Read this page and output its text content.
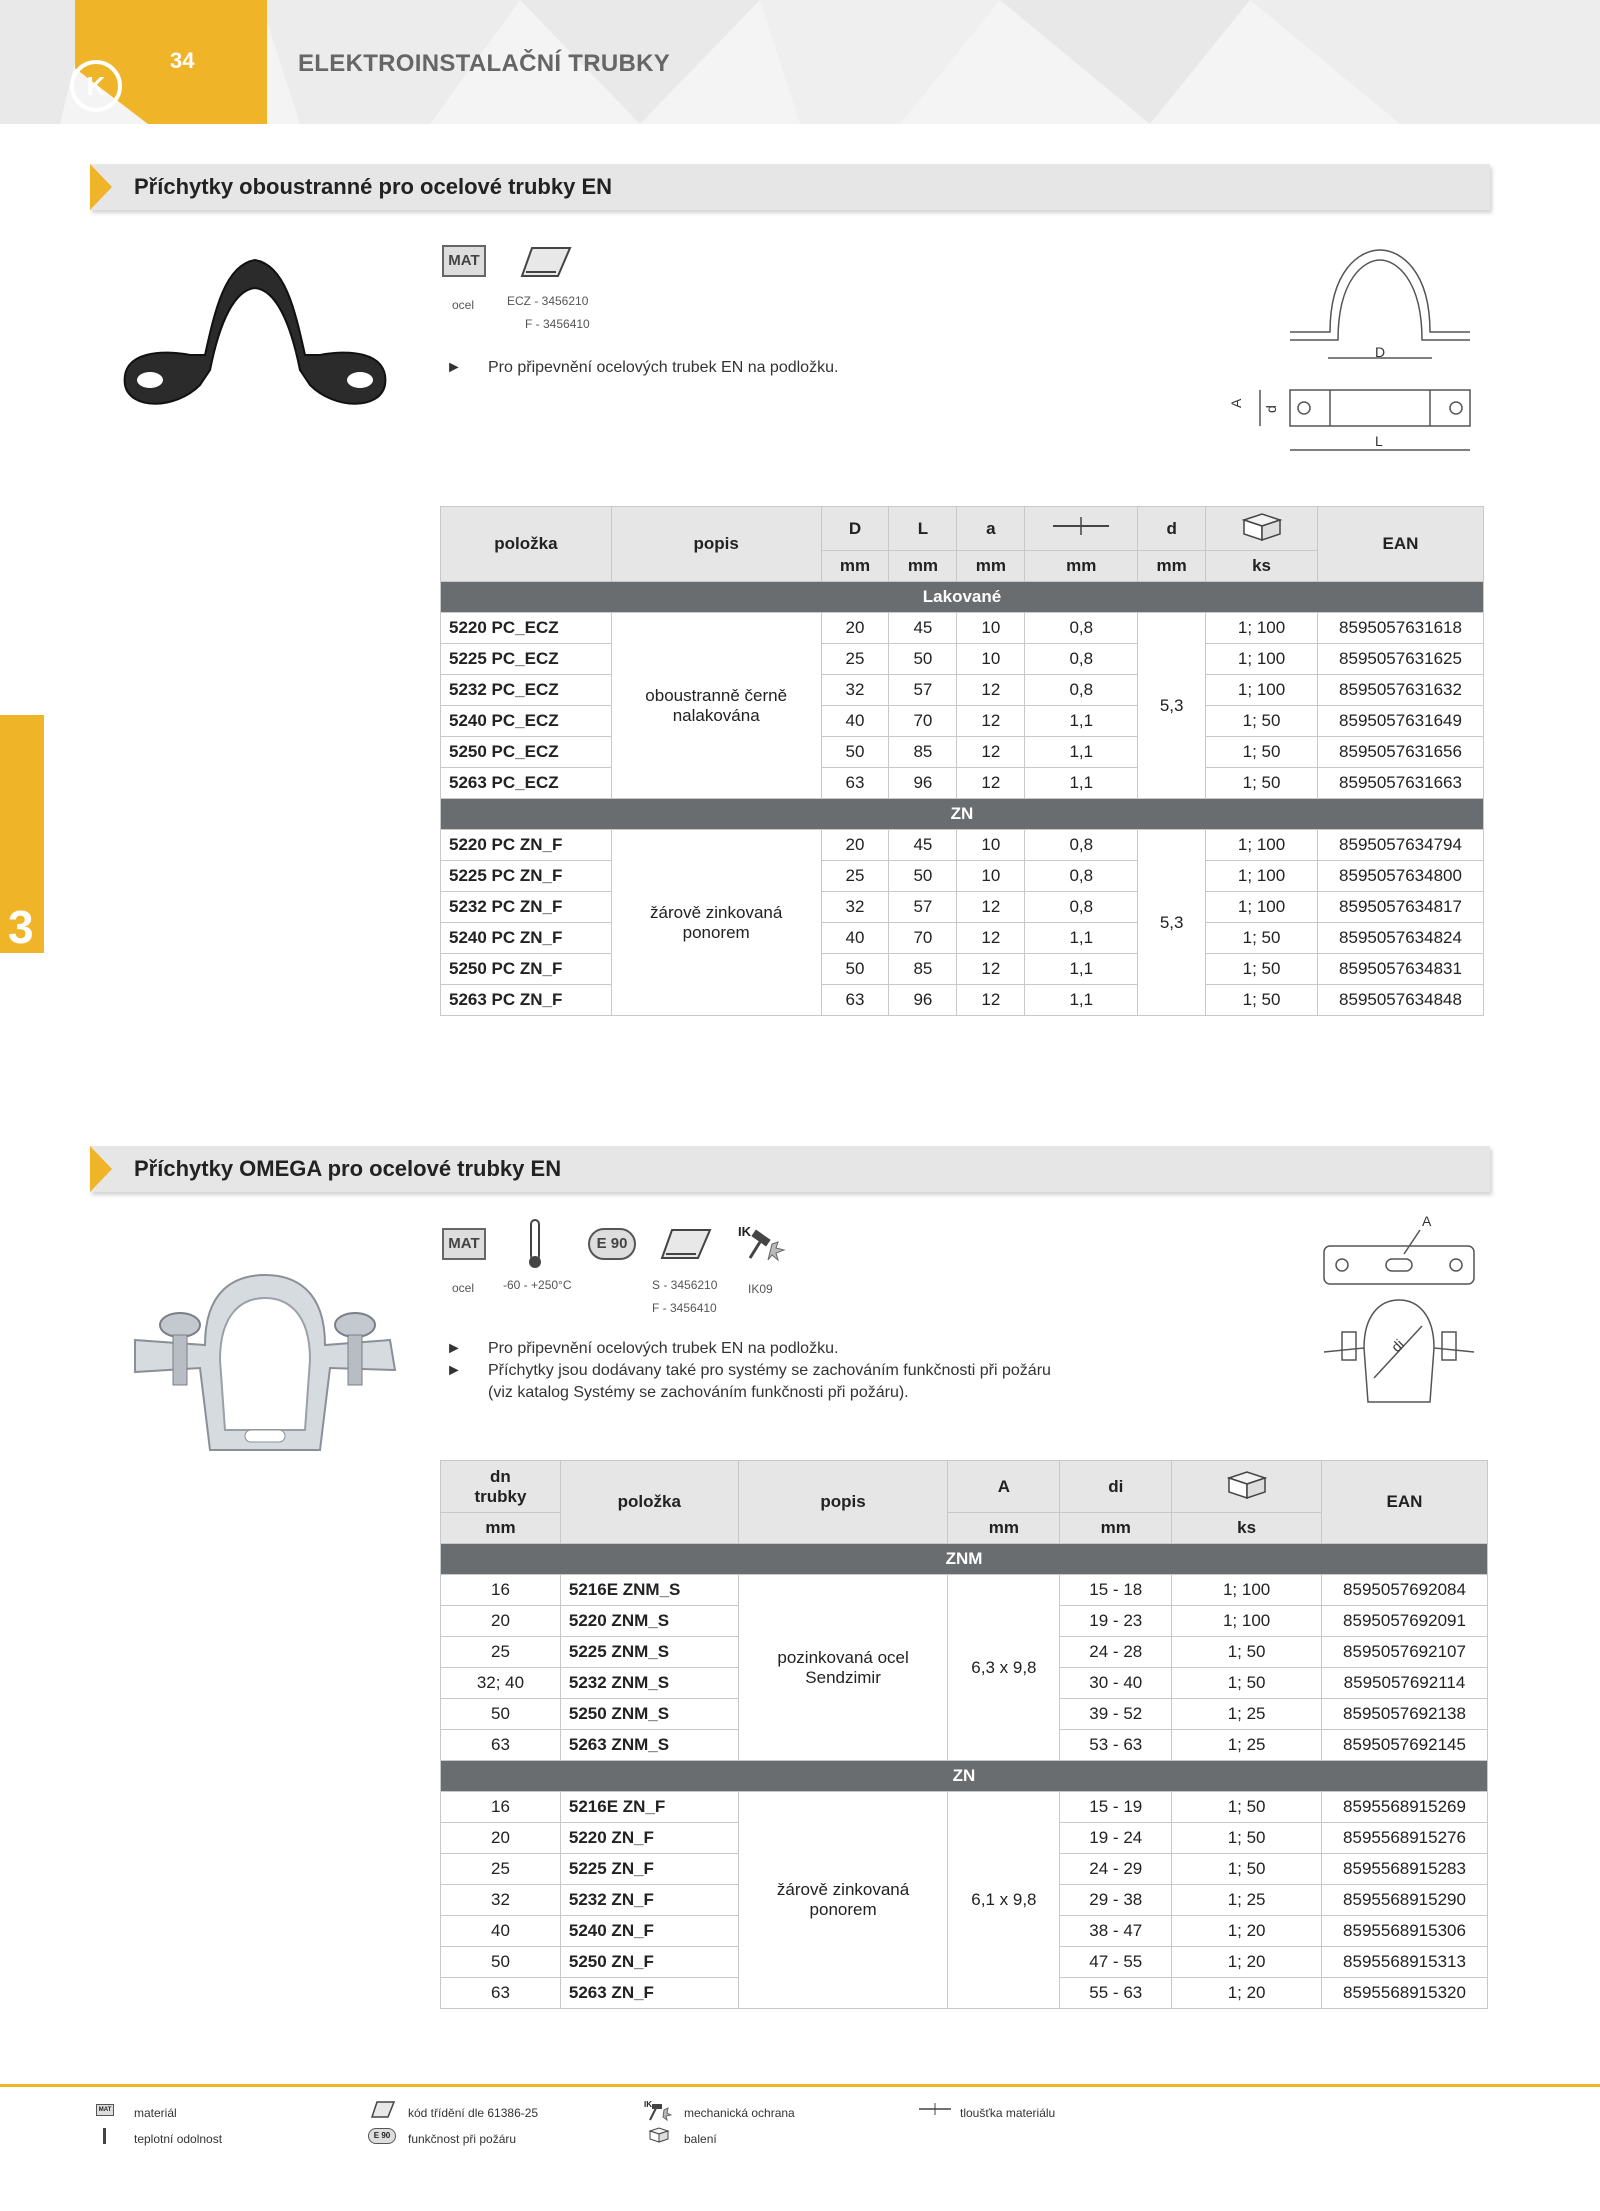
34
K
ELEKTROINSTALAČNÍ TRUBKY
3
Příchytky oboustranné pro ocelové trubky EN
MAT
ocel	ECZ - 3456210
F - 3456410
► Pro připevnění ocelových trubek EN na podložku.
D
A
d
L
položka	popis	D	L	a		d		EAN
		mm	mm	mm	mm	mm	ks	
Lakované								
5220 PC_ECZ	oboustranně černě nalakována	20	45	10	0,8	5,3	1; 100	8595057631618
5225 PC_ECZ		25	50	10	0,8		1; 100	8595057631625
5232 PC_ECZ		32	57	12	0,8		1; 100	8595057631632
5240 PC_ECZ		40	70	12	1,1		1; 50	8595057631649
5250 PC_ECZ		50	85	12	1,1		1; 50	8595057631656
5263 PC_ECZ		63	96	12	1,1		1; 50	8595057631663
ZN								
5220 PC ZN_F	žárově zinkovaná ponorem	20	45	10	0,8	5,3	1; 100	8595057634794
5225 PC ZN_F		25	50	10	0,8		1; 100	8595057634800
5232 PC ZN_F		32	57	12	0,8		1; 100	8595057634817
5240 PC ZN_F		40	70	12	1,1		1; 50	8595057634824
5250 PC ZN_F		50	85	12	1,1		1; 50	8595057634831
5263 PC ZN_F		63	96	12	1,1		1; 50	8595057634848
Příchytky OMEGA pro ocelové trubky EN
MAT	E 90
IK
ocel -60 - +250°C	S - 3456210
F - 3456410
IK09
► Pro připevnění ocelových trubek EN na podložku.
► Příchytky jsou dodávany také pro systémy se zachováním funkčnosti při požáru
(viz katalog Systémy se zachováním funkčnosti při požáru).
A
di
dn
trubky	položka	popis	A	di		EAN
mm			mm	mm	ks	
ZNM						
16	5216E ZNM_S	pozinkovaná ocel Sendzimir	6,3 x 9,8	15 - 18	1; 100	8595057692084
20	5220 ZNM_S			19 - 23	1; 100	8595057692091
25	5225 ZNM_S			24 - 28	1; 50	8595057692107
32; 40	5232 ZNM_S			30 - 40	1; 50	8595057692114
50	5250 ZNM_S			39 - 52	1; 25	8595057692138
63	5263 ZNM_S			53 - 63	1; 25	8595057692145
ZN						
16	5216E ZN_F	žárově zinkovaná ponorem	6,1 x 9,8	15 - 19	1; 50	8595568915269
20	5220 ZN_F			19 - 24	1; 50	8595568915276
25	5225 ZN_F			24 - 29	1; 50	8595568915283
32	5232 ZN_F			29 - 38	1; 25	8595568915290
40	5240 ZN_F			38 - 47	1; 20	8595568915306
50	5250 ZN_F			47 - 55	1; 20	8595568915313
63	5263 ZN_F			55 - 63	1; 20	8595568915320
MAT materiál
teplotní odolnost
kód třídění dle 61386-25
E 90	funkčnost při požáru
IK
mechanická ochrana
balení
tloušťka materiálu
